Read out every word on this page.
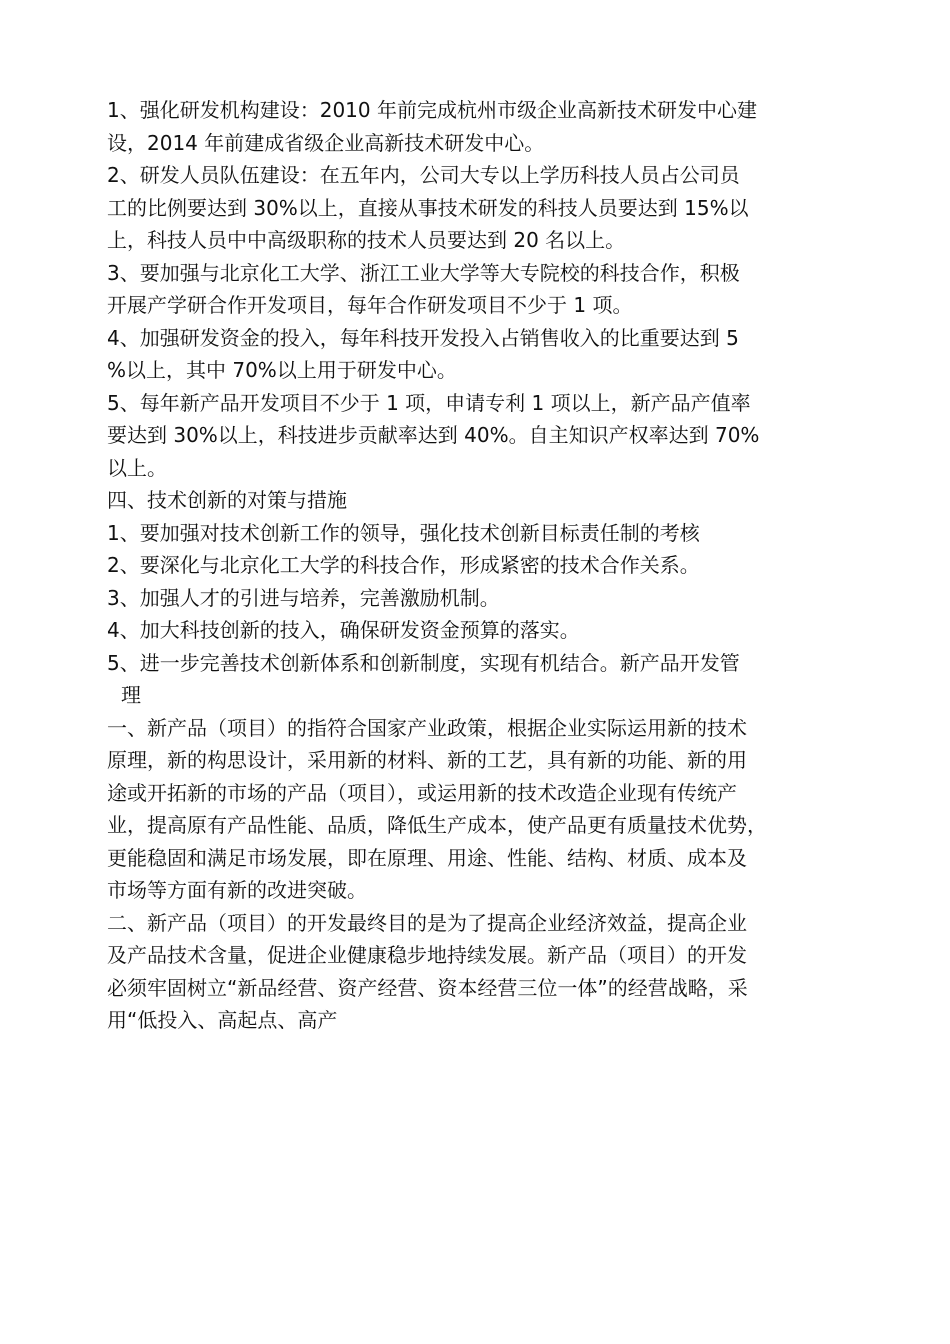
1、强化研发机构建设：2010 年前完成杭州市级企业高新技术研发中心建
设，2014 年前建成省级企业高新技术研发中心。
2、研发人员队伍建设：在五年内，公司大专以上学历科技人员占公司员
工的比例要达到 30%以上，直接从事技术研发的科技人员要达到 15%以
上，科技人员中中高级职称的技术人员要达到 20 名以上。
3、要加强与北京化工大学、浙江工业大学等大专院校的科技合作，积极
开展产学研合作开发项目，每年合作研发项目不少于 1 项。
4、加强研发资金的投入，每年科技开发投入占销售收入的比重要达到 5
%以上，其中 70%以上用于研发中心。
5、每年新产品开发项目不少于 1 项，申请专利 1 项以上，新产品产值率
要达到 30%以上，科技进步贡献率达到 40%。自主知识产权率达到 70%
以上。
四、技术创新的对策与措施
1、要加强对技术创新工作的领导，强化技术创新目标责任制的考核
2、要深化与北京化工大学的科技合作，形成紧密的技术合作关系。
3、加强人才的引进与培养，完善激励机制。
4、加大科技创新的技入，确保研发资金预算的落实。
5、进一步完善技术创新体系和创新制度，实现有机结合。新产品开发管
理
一、新产品（项目）的指符合国家产业政策，根据企业实际运用新的技术
原理，新的构思设计，采用新的材料、新的工艺，具有新的功能、新的用
途或开拓新的市场的产品（项目），或运用新的技术改造企业现有传统产
业，提高原有产品性能、品质，降低生产成本，使产品更有质量技术优势，
更能稳固和满足市场发展，即在原理、用途、性能、结构、材质、成本及
市场等方面有新的改进突破。
二、新产品（项目）的开发最终目的是为了提高企业经济效益，提高企业
及产品技术含量，促进企业健康稳步地持续发展。新产品（项目）的开发
必须牢固树立“新品经营、资产经营、资本经营三位一体”的经营战略，采
用“低投入、高起点、高产
